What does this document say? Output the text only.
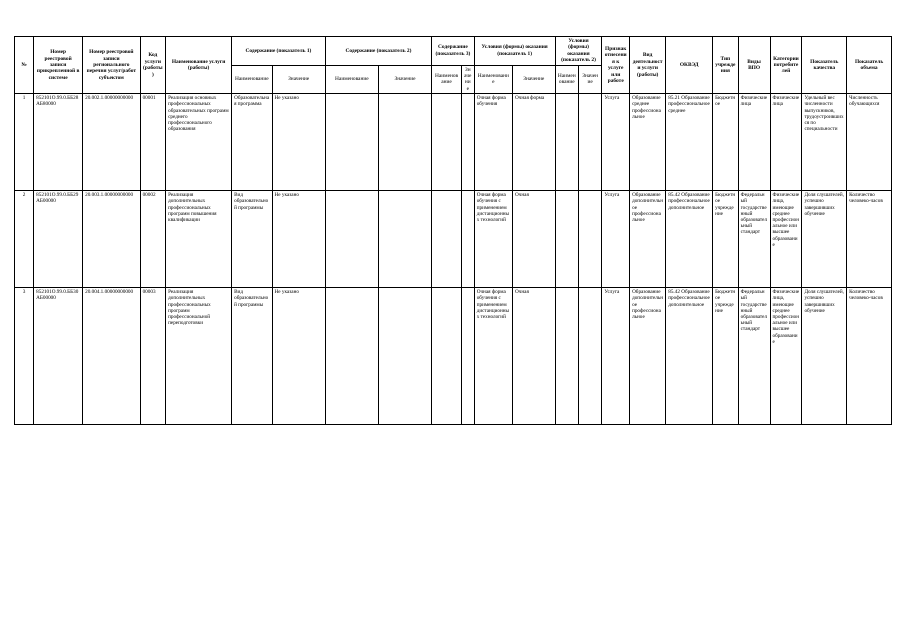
№	Номер реестровой записи прикрепленной в системе	Номер реестровой записи регионального перечня услуг/работ субъектом	Код услуги (работы)	Наименование услуги (работы)	Содержание (показатель 1)		Содержание (показатель 2)		Содержание (показатель 3)		Условия (формы) оказания (показатель 1)		Условия (формы) оказания (показатель 2)		Признак отнесения к услуге или работе	Вид деятельности услуги (работы)	ОКВЭД	Тип учреждения	Виды ВПО	Категории потребителей	Показатель качества	Показатель объема
					Наименование	Значение	Наименование	Значение	Наименование	Значение	Наименование	Значение	Наименование	Значение								
1	852101О.99.0.ББ28АБ80000	20.002.1.00000000000	00001	Реализация основных профессиональных образовательных программ среднего профессионального образования	Образовательная программа	Не указано					Очная форма обучения	Очная форма			Услуга	Образование среднее профессиональное	85.21 Образование профессиональное среднее	Бюджетное	Физические лица	Физические лица	Удельный вес численности выпускников, трудоустроившихся по специальности	Численность обучающихся
2	852101О.99.0.ББ29АБ00000	20.003.1.00000000000	00002	Реализация дополнительных профессиональных программ повышения квалификации	Вид образовательной программы	Не указано					Очная форма обучения с применением дистанционных технологий	Очная			Услуга	Образование дополнительное профессиональное	85.42 Образование профессиональное дополнительное	Бюджетное учреждение	Федеральный государственный образовательный стандарт	Физические лица, имеющие среднее профессиональное или высшее образование	Доля слушателей, успешно завершивших обучение	Количество человеко-часов
3	852101О.99.0.ББ30АБ00000	20.004.1.00000000000	00003	Реализация дополнительных профессиональных программ профессиональной переподготовки	Вид образовательной программы	Не указано					Очная форма обучения с применением дистанционных технологий	Очная			Услуга	Образование дополнительное профессиональное	85.42 Образование профессиональное дополнительное	Бюджетное учреждение	Федеральный государственный образовательный стандарт	Физические лица, имеющие среднее профессиональное или высшее образование	Доля слушателей, успешно завершивших обучение	Количество человеко-часов
